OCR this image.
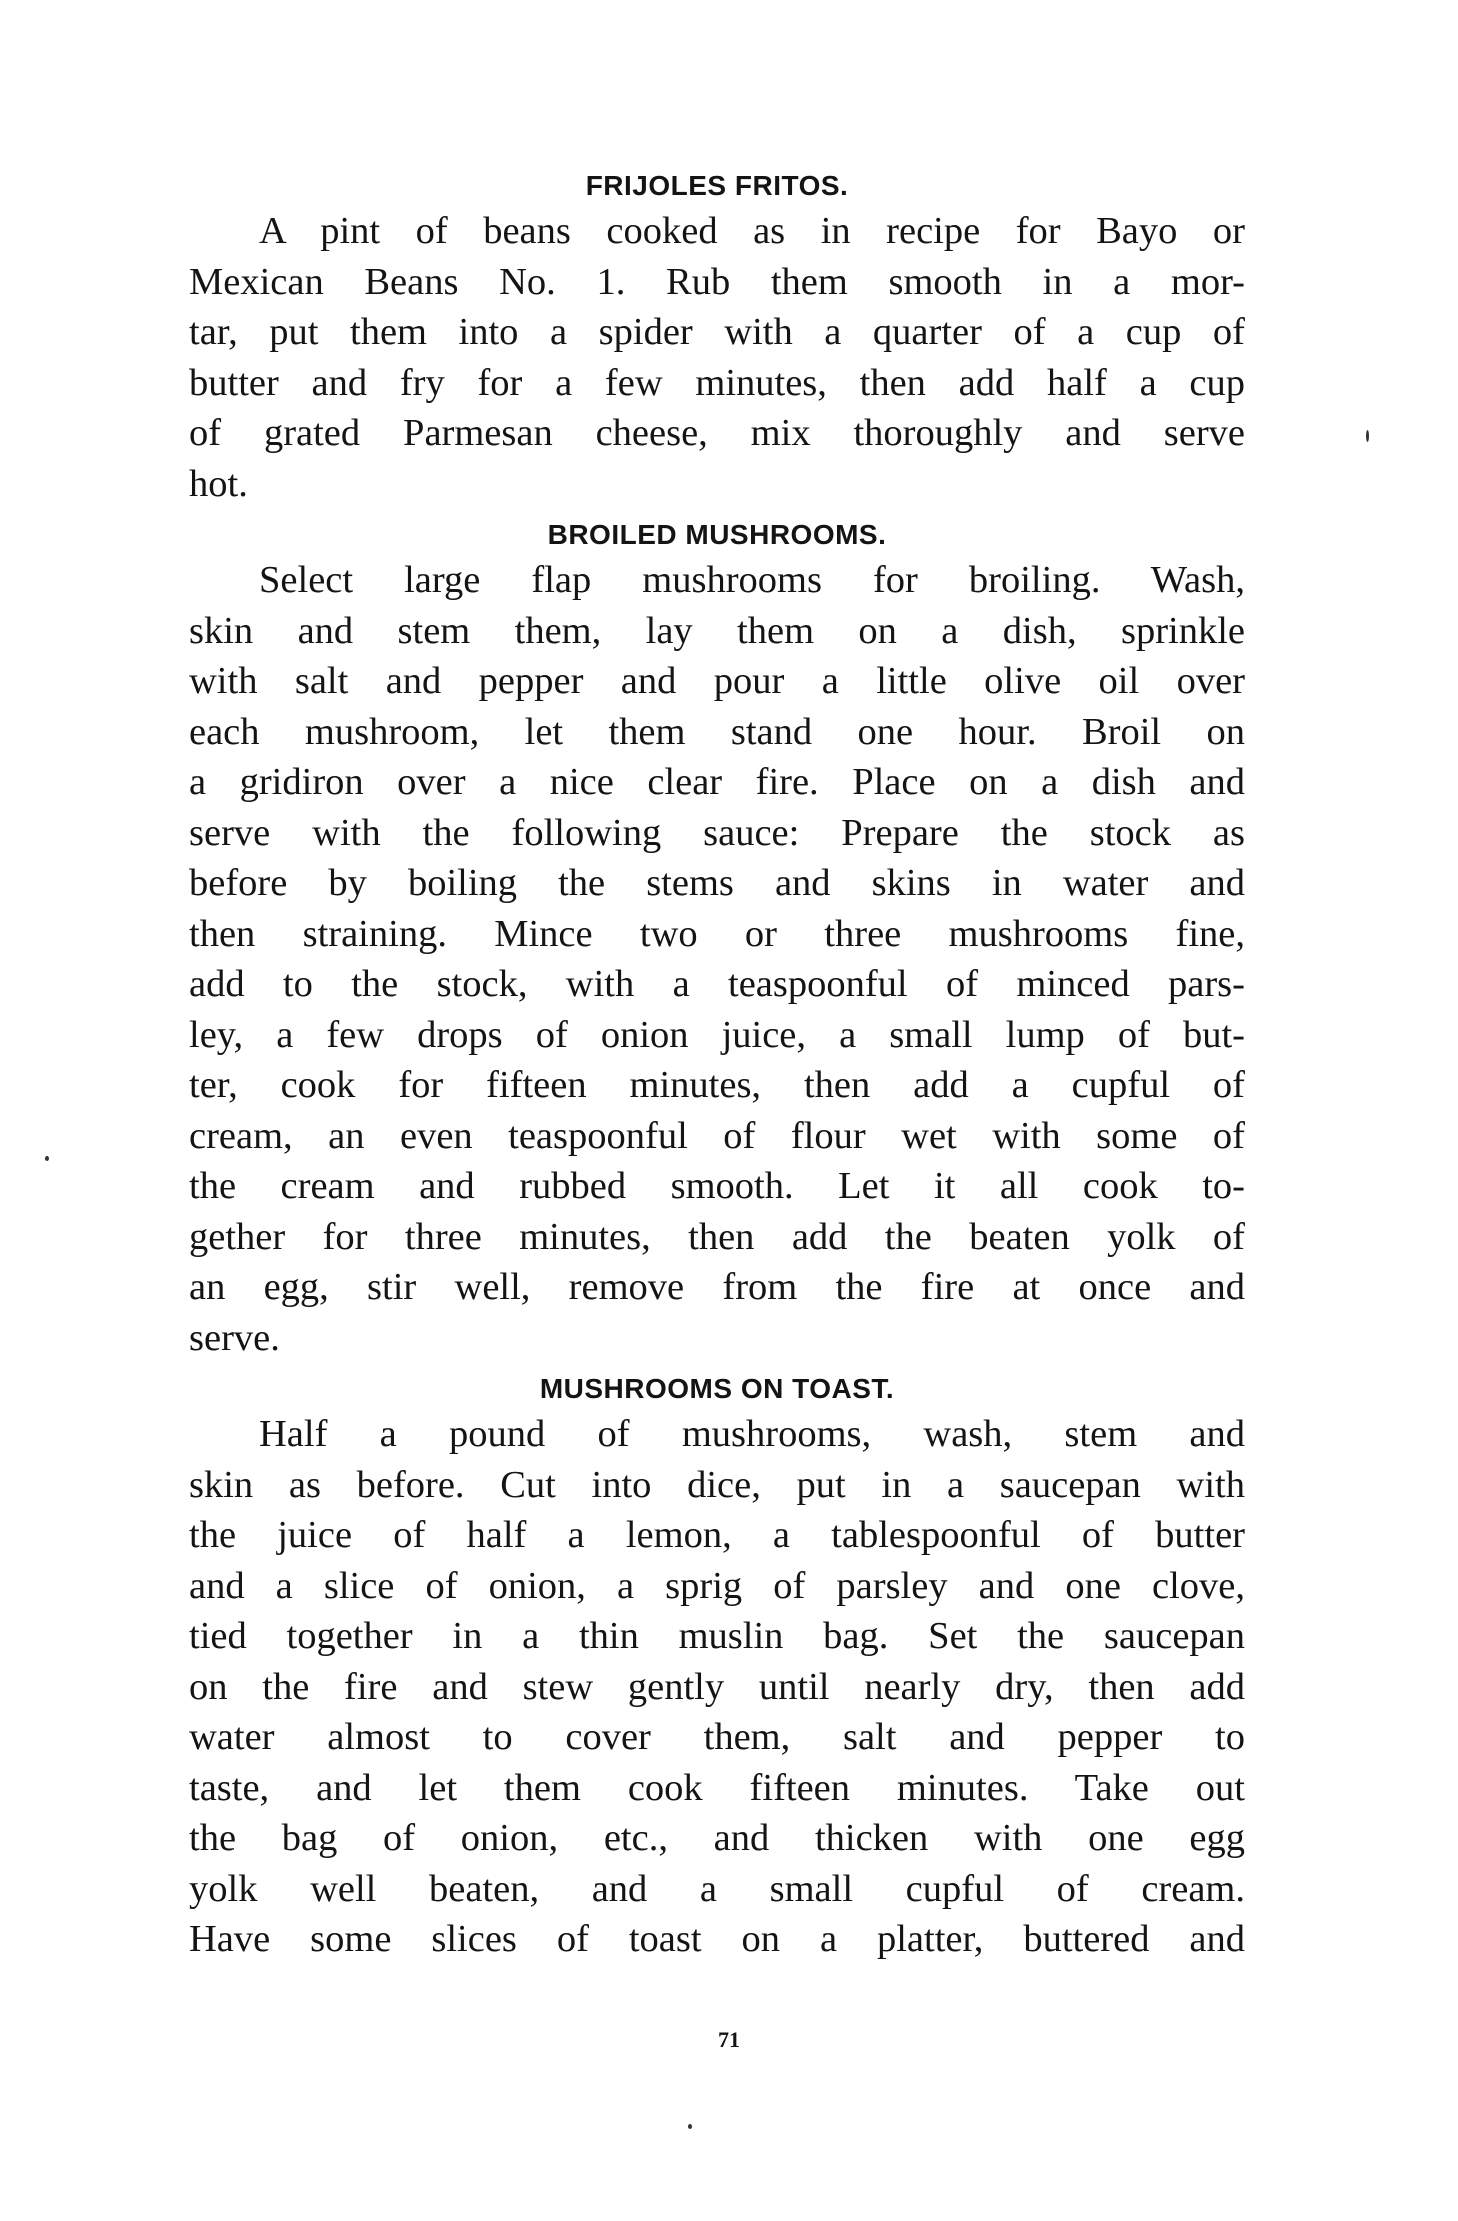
FRIJOLES FRITOS.

A pint of beans cooked as in recipe for Bayo or
Mexican Beans No. 1. Rub them smooth in a mor-
tar, put them into a spider with a quarter of a cup of
butter and fry for a few minutes, then add half a cup
of grated Parmesan cheese, mix thoroughly and serve
hot.

BROILED MUSHROOMS.

Select large flap mushrooms for broiling. Wash,
skin and stem them, lay them on a dish, sprinkle
with salt and pepper and pour a little olive oil over
each mushroom, let them stand one hour. Broil on
a gridiron over a nice clear fire. Place on a dish and
serve with the following sauce: Prepare the stock as
before by boiling the stems and skins in water and
then straining. Mince two or three mushrooms fine,
add to the stock, with a teaspoonful of minced pars-
ley, a few drops of onion juice, a small lump of but-
ter, cook for fifteen minutes, then add a cupful of
cream, an even teaspoonful of flour wet with some of
the cream and rubbed smooth. Let it all cook to-
gether for three minutes, then add the beaten yolk of
an egg, stir well, remove from the fire at once and
serve.

MUSHROOMS ON TOAST.

Half a pound of mushrooms, wash, stem and
skin as before. Cut into dice, put in a saucepan with
the juice of half a lemon, a tablespoonful of butter
and a slice of onion, a sprig of parsley and one clove,
tied together in a thin muslin bag. Set the saucepan
on the fire and stew gently until nearly dry, then add
water almost to cover them, salt and pepper to
taste, and let them cook fifteen minutes. Take out
the bag of onion, etc., and thicken with one egg
yolk well beaten, and a small cupful of cream.
Have some slices of toast on a platter, buttered and

71
